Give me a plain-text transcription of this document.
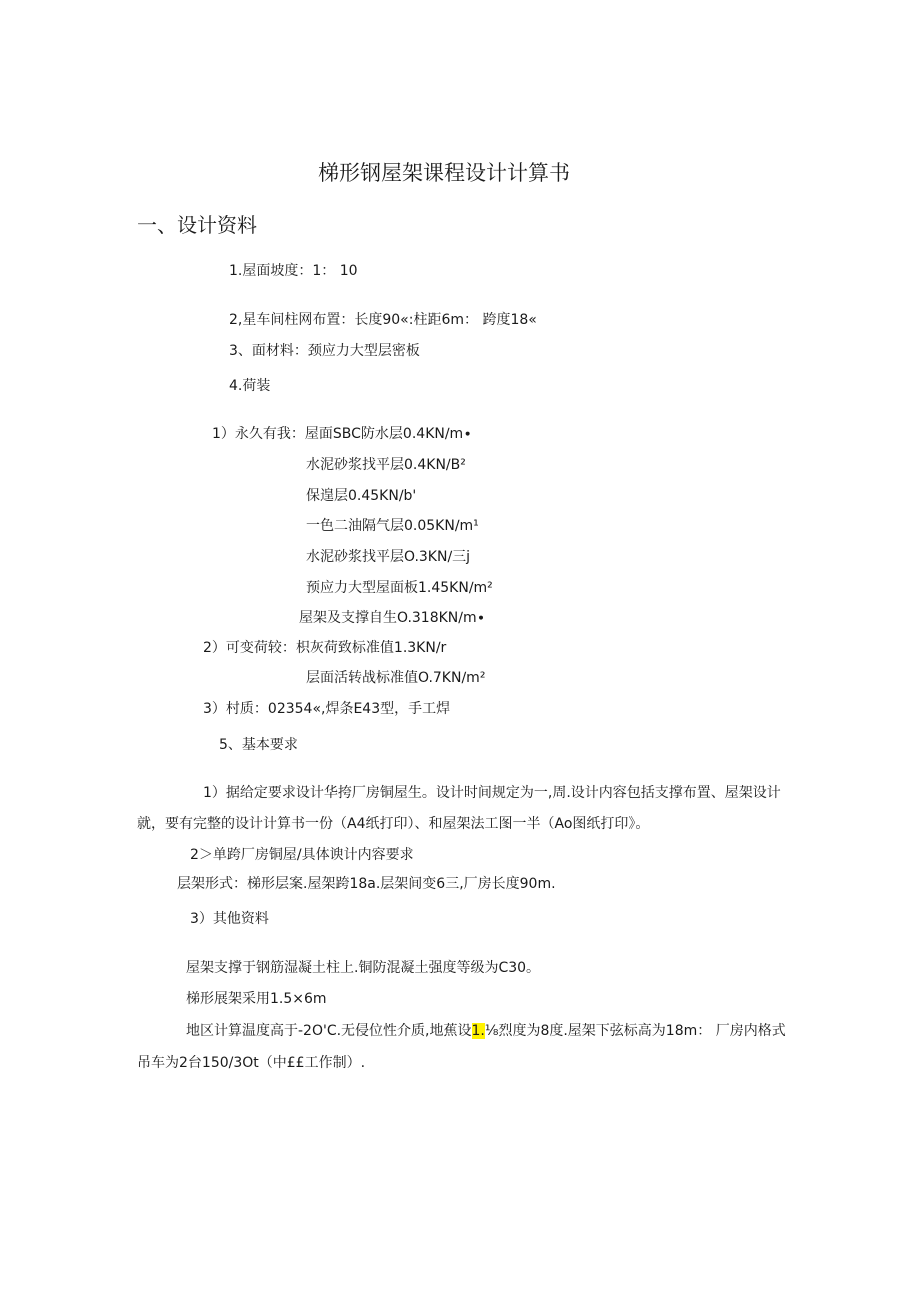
梯形钢屋架课程设计计算书
一、设计资料
1.屋面坡度：1： 10
2,星车间柱网布置：长度90«:柱距6m： 跨度18«
3、面材料：颈应力大型层密板
4.荷装
1）永久有我：屋面SBC防水层0.4KN∕m∙
水泥砂浆找平层0.4KN∕B²
保遑层0.45KN∕b'
一色二油隔气层0.05KN∕m¹
水泥砂浆找平层O.3KN∕三j
预应力大型屋面板1.45KN∕m²
屋架及支撑自生O.318KN∕m∙
2）可变荷较：枳灰荷致标准值1.3KN∕r
层面活转战标准值O.7KN∕m²
3）村质：02354«,焊条E43型，手工焊
5、基本要求
1）据给定要求设计华挎厂房铜屋生。设计时间规定为一,周.设计内容包括支撑布置、屋架设计
就，要有完整的设计计算书一份（A4纸打印）、和屋架法工图一半（Ao图纸打印》。
2＞单跨厂房铜屋/具体谀计内容要求
层架形式：梯形层案.屋架跨18a.层架间变6三,厂房长度90m.
3）其他资料
屋架支撑于钢筋湿凝土柱上.铜防混凝土强度等级为C30。
梯形展架采用1.5×6m
地区计算温度高于-2O'C.无侵位性介质,地蕉设1.⅛烈度为8度.屋架下弦标高为18m： 厂房内格式
吊车为2台150/3Ot（中££工作制）.
